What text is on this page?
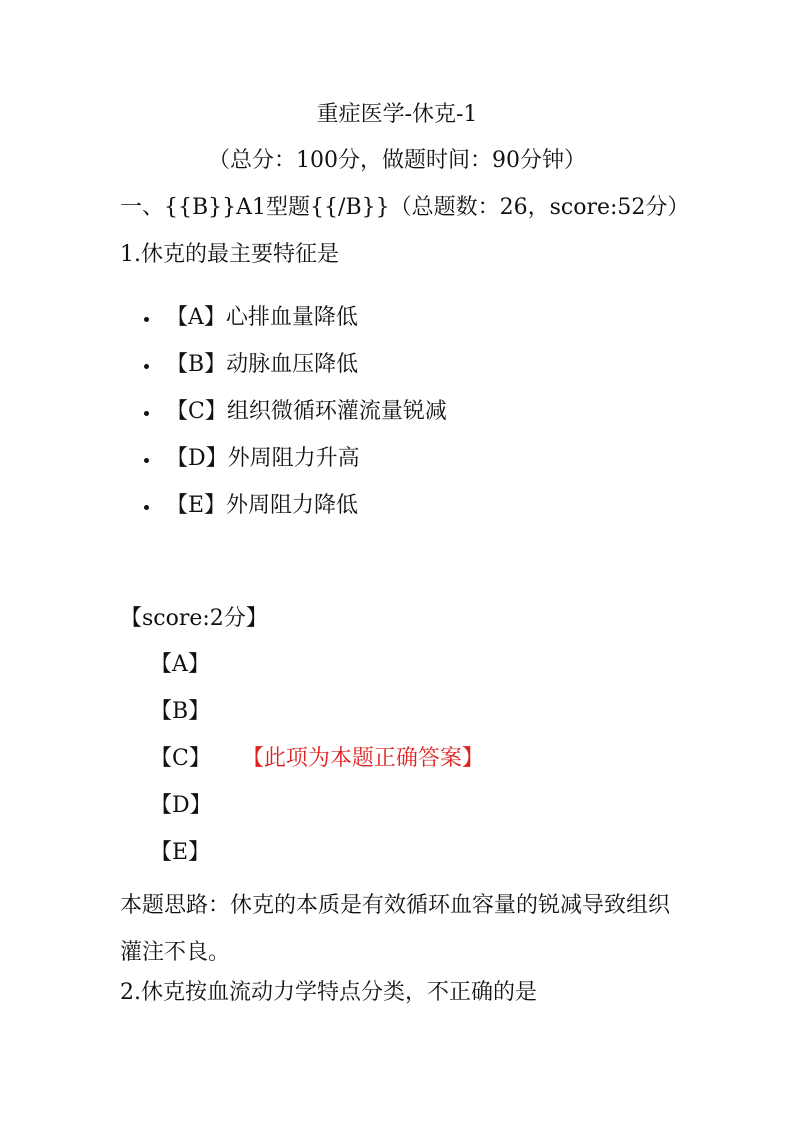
重症医学-休克-1
（总分：100分，做题时间：90分钟）
一、{{B}}A1型题{{/B}}（总题数：26，score:52分）
1.休克的最主要特征是
【A】心排血量降低
【B】动脉血压降低
【C】组织微循环灌流量锐减
【D】外周阻力升高
【E】外周阻力降低
【score:2分】
【A】
【B】
【C】 【此项为本题正确答案】
【D】
【E】
本题思路：休克的本质是有效循环血容量的锐减导致组织灌注不良。
2.休克按血流动力学特点分类，不正确的是
